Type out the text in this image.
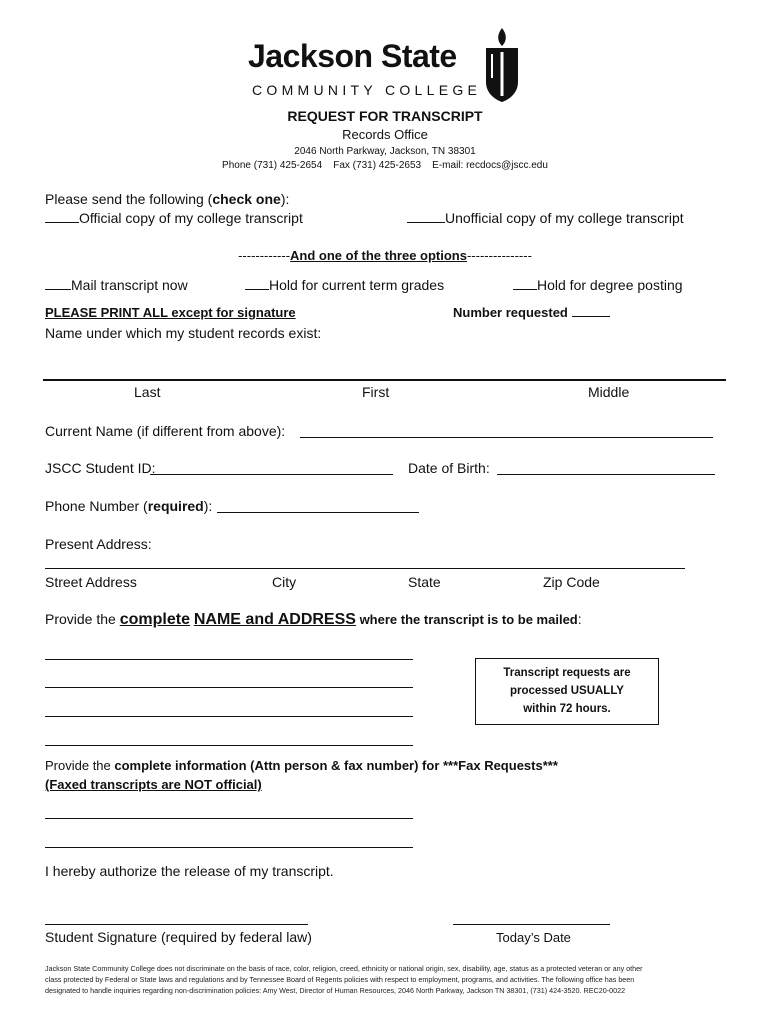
Jackson State
COMMUNITY COLLEGE
REQUEST FOR TRANSCRIPT
Records Office
2046 North Parkway, Jackson, TN 38301
Phone (731) 425-2654    Fax (731) 425-2653    E-mail: recdocs@jscc.edu
Please send the following (check one):
Official copy of my college transcript	Unofficial copy of my college transcript
------------And one of the three options---------------
Mail transcript now	Hold for current term grades	Hold for degree posting
PLEASE PRINT ALL except for signature	Number requested
Name under which my student records exist:
Last	First	Middle
Current Name (if different from above):
JSCC Student ID:	Date of Birth:
Phone Number (required):
Present Address:
Street Address	City	State	Zip Code
Provide the complete NAME and ADDRESS where the transcript is to be mailed:
Transcript requests are
processed USUALLY
within 72 hours.
Provide the complete information (Attn person & fax number) for ***Fax Requests***
(Faxed transcripts are NOT official)
I hereby authorize the release of my transcript.
Student Signature (required by federal law)	Today’s Date
Jackson State Community College does not discriminate on the basis of race, color, religion, creed, ethnicity or national origin, sex, disability, age, status as a protected veteran or any other
class protected by Federal or State laws and regulations and by Tennessee Board of Regents policies with respect to employment, programs, and activities. The following office has been
designated to handle inquiries regarding non-discrimination policies: Amy West, Director of Human Resources, 2046 North Parkway, Jackson TN 38301, (731) 424-3520. REC20-0022
